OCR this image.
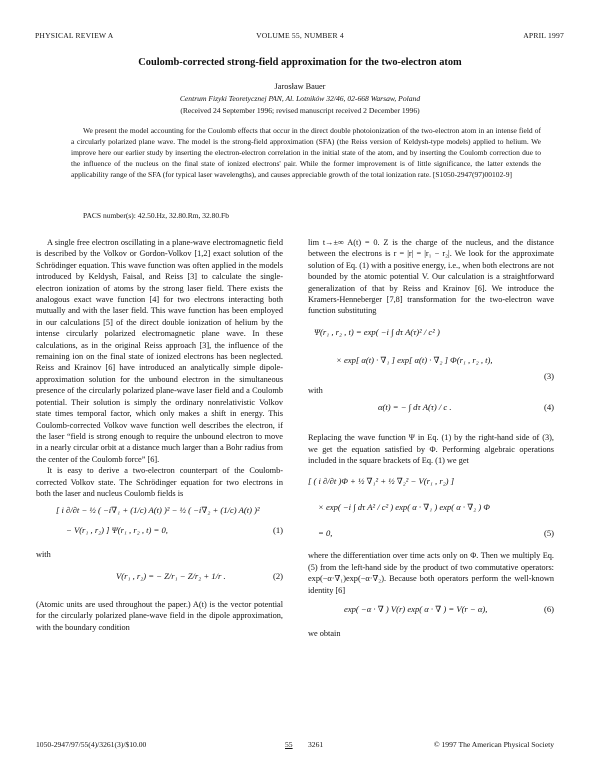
PHYSICAL REVIEW A	VOLUME 55, NUMBER 4	APRIL 1997
Coulomb-corrected strong-field approximation for the two-electron atom
Jarosław Bauer
Centrum Fizyki Teoretycznej PAN, Al. Lotników 32/46, 02-668 Warsaw, Poland
(Received 24 September 1996; revised manuscript received 2 December 1996)

We present the model accounting for the Coulomb effects that occur in the direct double photoionization of the two-electron atom in an intense field of a circularly polarized plane wave. The model is the strong-field approximation (SFA) (the Reiss version of Keldysh-type models) applied to helium. We improve here our earlier study by inserting the electron-electron correlation in the initial state of the atom, and by inserting the Coulomb correction due to the influence of the nucleus on the final state of ionized electrons' pair. While the former improvement is of little significance, the latter extends the applicability range of the SFA (for typical laser wavelengths), and causes appreciable growth of the total ionization rate. [S1050-2947(97)00102-9]

PACS number(s): 42.50.Hz, 32.80.Rm, 32.80.Fb

A single free electron oscillating in a plane-wave electromagnetic field is described by the Volkov or Gordon-Volkov [1,2] exact solution of the Schrödinger equation. This wave function was often applied in the models introduced by Keldysh, Faisal, and Reiss [3] to calculate the single-electron ionization of atoms by the strong laser field. There exists the analogous exact wave function [4] for two electrons interacting both mutually and with the laser field. This wave function has been employed in our calculations [5] of the direct double ionization of helium by the intense circularly polarized electromagnetic plane wave. In these calculations, as in the original Reiss approach [3], the influence of the remaining ion on the final state of ionized electrons has been neglected. Reiss and Krainov [6] have introduced an analytically simple dipole-approximation solution for the unbound electron in the simultaneous presence of the circularly polarized plane-wave laser field and a Coulomb potential. Their solution is simply the ordinary nonrelativistic Volkov state times temporal factor, which only makes a shift in energy. This Coulomb-corrected Volkov wave function well describes the electron, if the laser “field is strong enough to require the unbound electron to move in a nearly circular orbit at a distance much larger than a Bohr radius from the center of the Coulomb force” [6].

It is easy to derive a two-electron counterpart of the Coulomb-corrected Volkov state. The Schrödinger equation for two electrons in both the laser and nucleus Coulomb fields is

[ i ∂/∂t − ½ ( −i∇₁ + (1/c) A(t) )² − ½ ( −i∇₂ + (1/c) A(t) )²
− V(r₁ , r₂) ] Ψ(r₁ , r₂ , t) = 0,	(1)

with

V(r₁ , r₂) = − Z/r₁ − Z/r₂ + 1/r .	(2)

(Atomic units are used throughout the paper.) A(t) is the vector potential for the circularly polarized plane-wave field in the dipole approximation, with the boundary condition

lim t→±∞ A(t) = 0. Z is the charge of the nucleus, and the distance between the electrons is r = |r| = |r₁ − r₂|. We look for the approximate solution of Eq. (1) with a positive energy, i.e., when both electrons are not bounded by the atomic potential V. Our calculation is a straightforward generalization of that by Reiss and Krainov [6]. We introduce the Kramers-Henneberger [7,8] transformation for the two-electron wave function substituting

Ψ(r₁ , r₂ , t) = exp( −i ∫ dτ A(τ)² / c² )
× exp[ α(t) · ∇₁ ] exp[ α(t) · ∇₂ ] Φ(r₁ , r₂ , t),
(3)

with

α(t) = − ∫ dτ A(τ) / c .	(4)

Replacing the wave function Ψ in Eq. (1) by the right-hand side of (3), we get the equation satisfied by Φ. Performing algebraic operations included in the square brackets of Eq. (1) we get

[ ( i ∂/∂t )Φ + ½ ∇₁² + ½ ∇₂² − V(r₁ , r₂) ]
× exp( −i ∫ dτ A² / c² ) exp( α · ∇₁ ) exp( α · ∇₂ ) Φ
= 0,	(5)

where the differentiation over time acts only on Φ. Then we multiply Eq. (5) from the left-hand side by the product of two commutative operators: exp(−α·∇₁)exp(−α·∇₂). Because both operators perform the well-known identity [6]

exp( −α · ∇ ) V(r) exp( α · ∇ ) = V(r − α),	(6)

we obtain

1050-2947/97/55(4)/3261(3)/$10.00	55 3261	© 1997 The American Physical Society
